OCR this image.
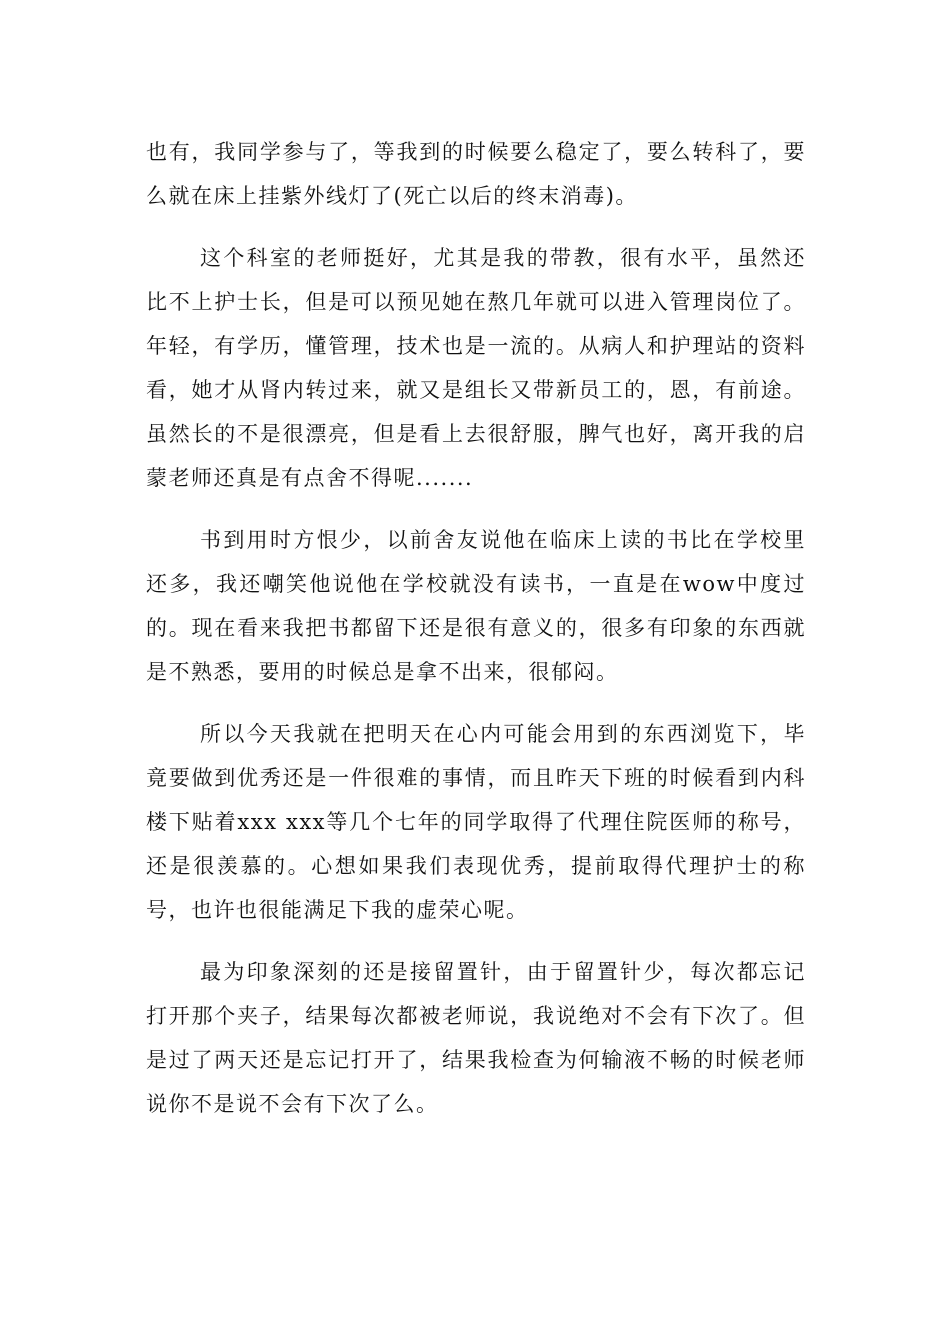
也有，我同学参与了，等我到的时候要么稳定了，要么转科了，要么就在床上挂紫外线灯了(死亡以后的终末消毒)。

这个科室的老师挺好，尤其是我的带教，很有水平，虽然还比不上护士长，但是可以预见她在熬几年就可以进入管理岗位了。年轻，有学历，懂管理，技术也是一流的。从病人和护理站的资料看，她才从肾内转过来，就又是组长又带新员工的，恩，有前途。虽然长的不是很漂亮，但是看上去很舒服，脾气也好，离开我的启蒙老师还真是有点舍不得呢.......

书到用时方恨少，以前舍友说他在临床上读的书比在学校里还多，我还嘲笑他说他在学校就没有读书，一直是在wow中度过的。现在看来我把书都留下还是很有意义的，很多有印象的东西就是不熟悉，要用的时候总是拿不出来，很郁闷。

所以今天我就在把明天在心内可能会用到的东西浏览下，毕竟要做到优秀还是一件很难的事情，而且昨天下班的时候看到内科楼下贴着xxx xxx等几个七年的同学取得了代理住院医师的称号，还是很羡慕的。心想如果我们表现优秀，提前取得代理护士的称号，也许也很能满足下我的虚荣心呢。

最为印象深刻的还是接留置针，由于留置针少，每次都忘记打开那个夹子，结果每次都被老师说，我说绝对不会有下次了。但是过了两天还是忘记打开了，结果我检查为何输液不畅的时候老师说你不是说不会有下次了么。
